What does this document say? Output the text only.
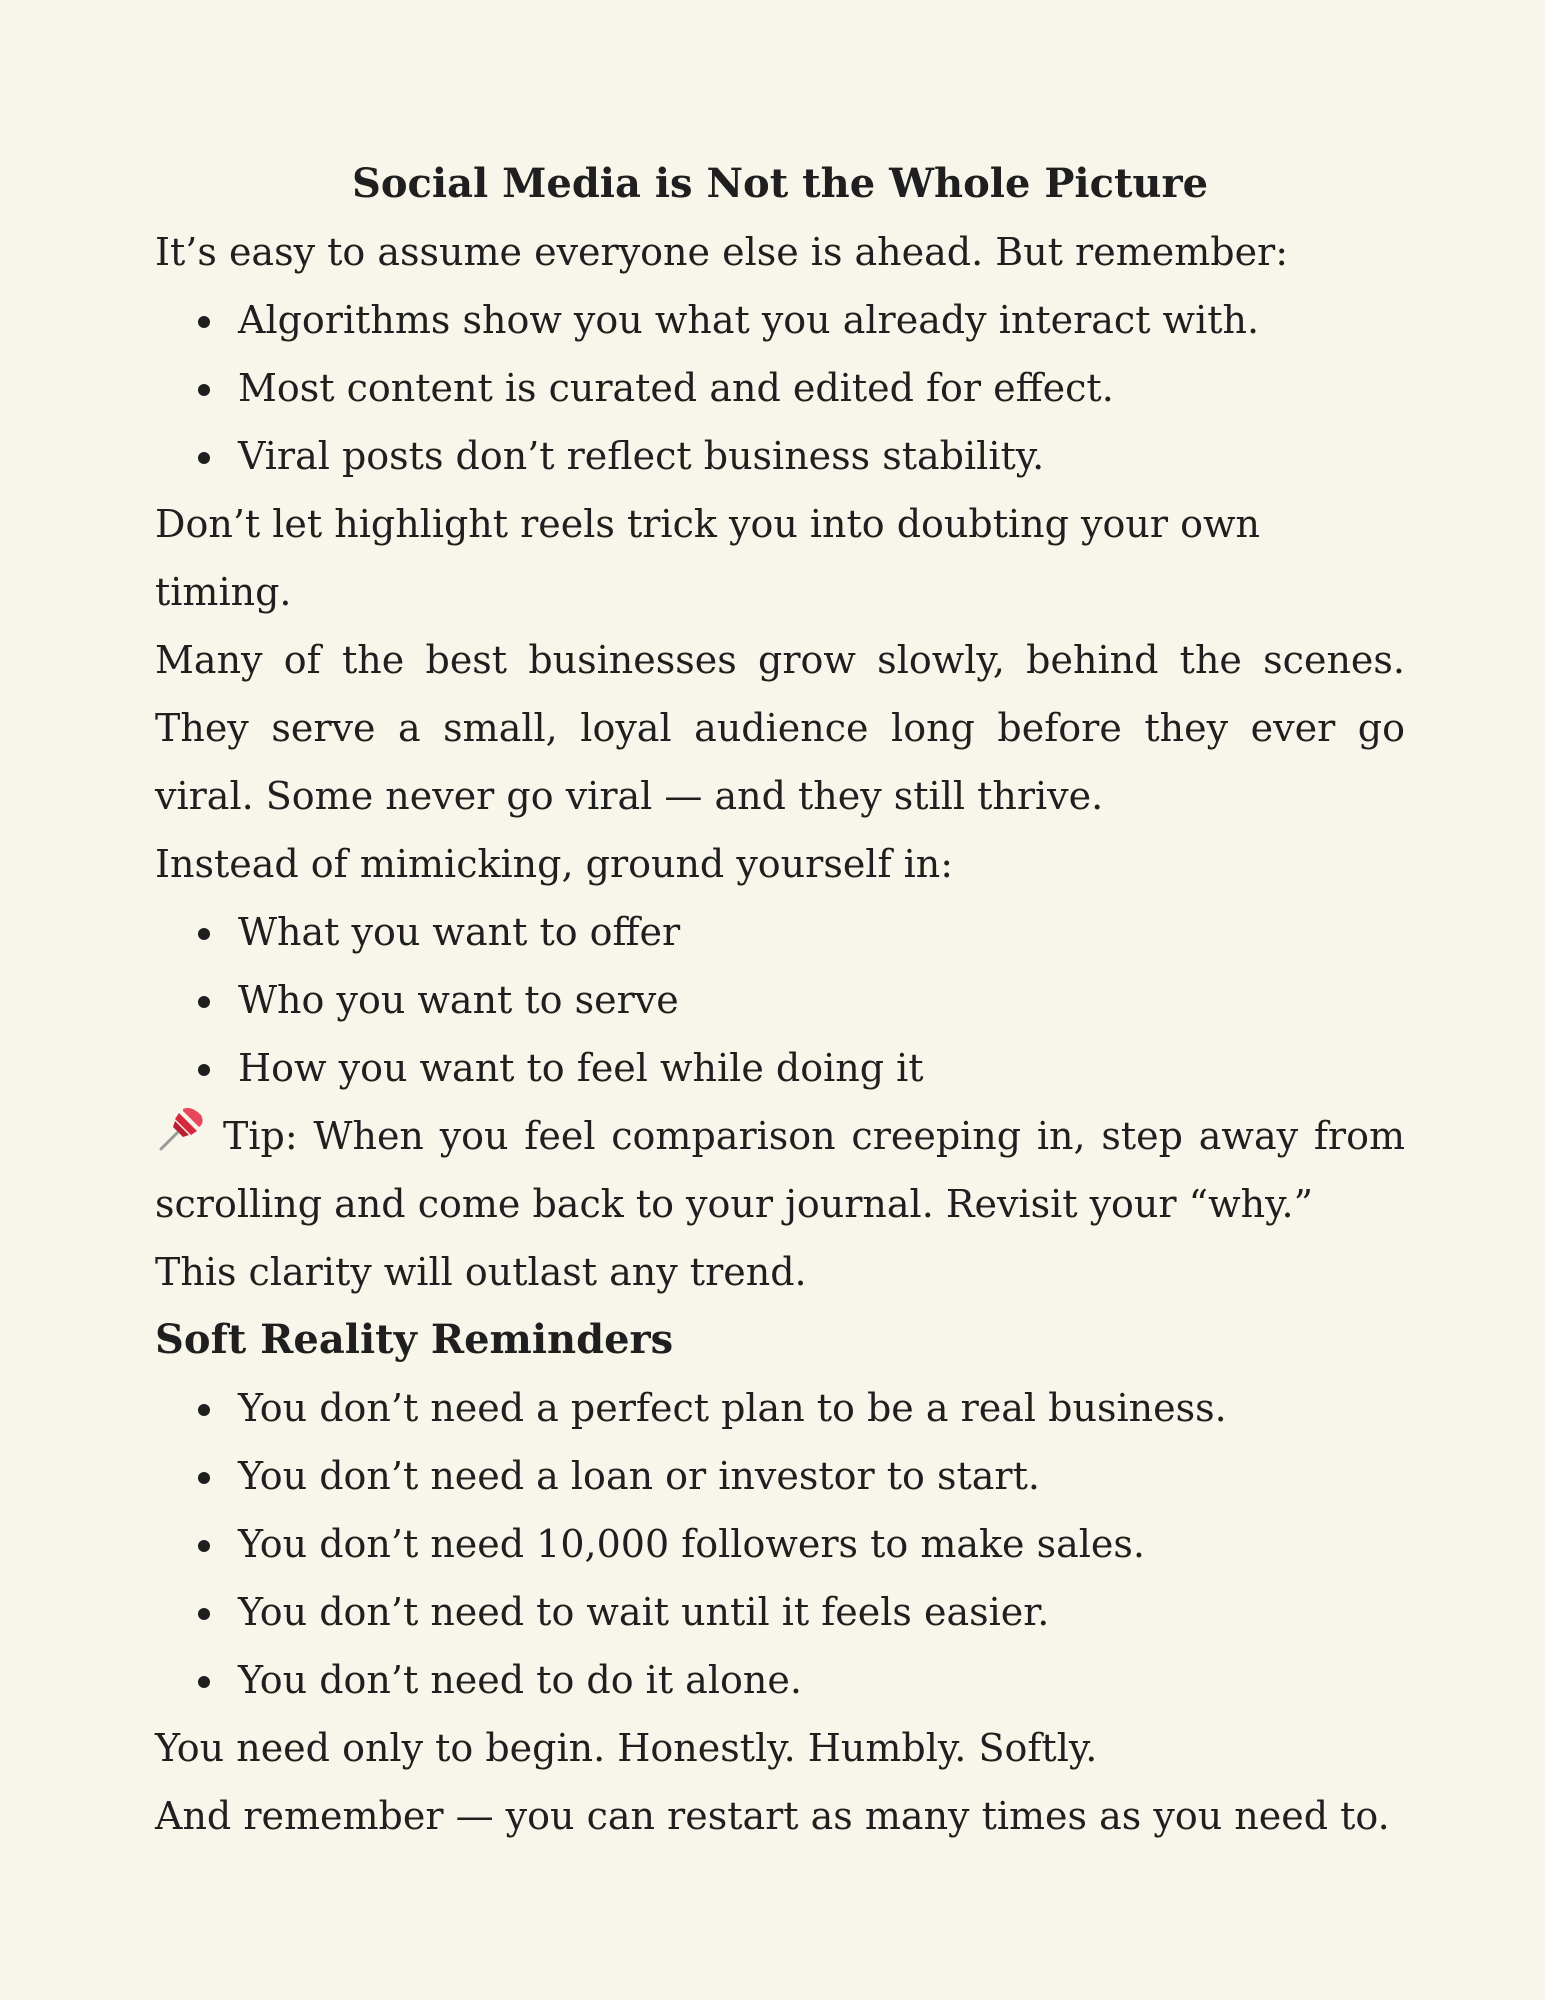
Social Media is Not the Whole Picture

It’s easy to assume everyone else is ahead. But remember:

Algorithms show you what you already interact with.
Most content is curated and edited for effect.
Viral posts don’t reflect business stability.

Don’t let highlight reels trick you into doubting your own timing.

Many of the best businesses grow slowly, behind the scenes. They serve a small, loyal audience long before they ever go viral. Some never go viral — and they still thrive.

Instead of mimicking, ground yourself in:

What you want to offer
Who you want to serve
How you want to feel while doing it

Tip: When you feel comparison creeping in, step away from scrolling and come back to your journal. Revisit your “why.”

This clarity will outlast any trend.

Soft Reality Reminders
You don’t need a perfect plan to be a real business.
You don’t need a loan or investor to start.
You don’t need 10,000 followers to make sales.
You don’t need to wait until it feels easier.
You don’t need to do it alone.

You need only to begin. Honestly. Humbly. Softly.

And remember — you can restart as many times as you need to.
